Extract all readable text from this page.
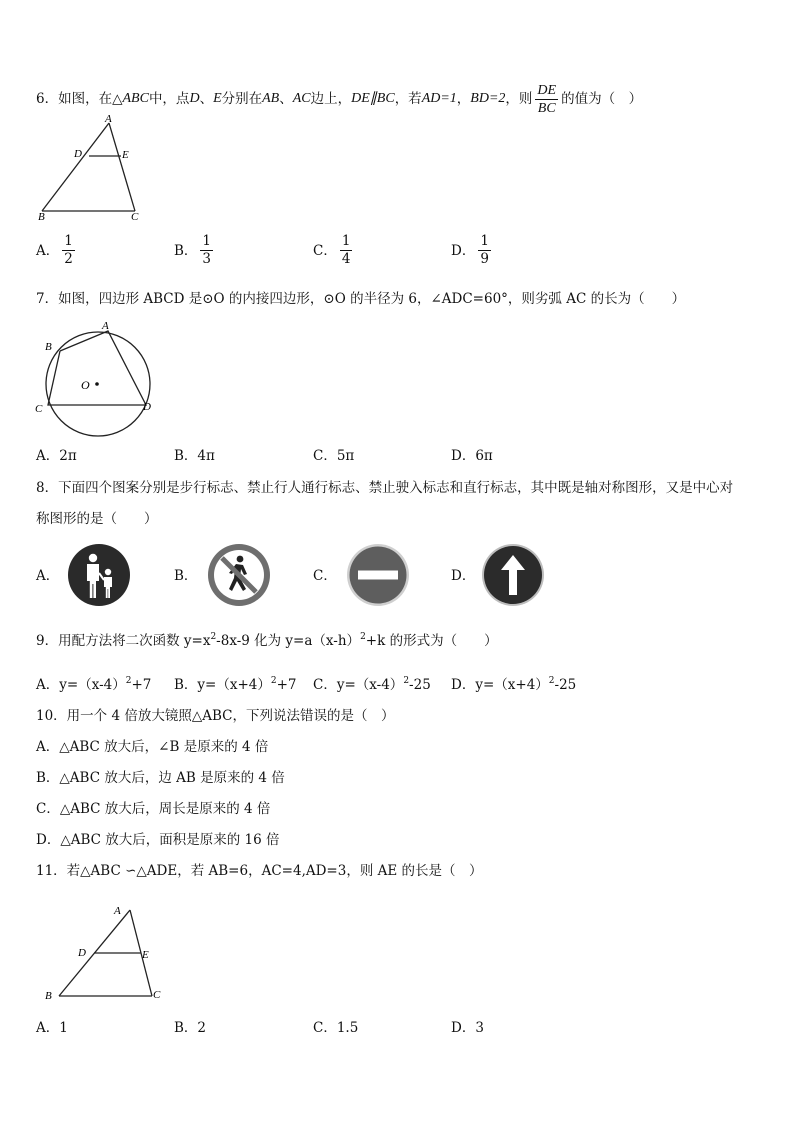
6．如图，在 △ ABC 中，点 D 、 E 分别在 AB 、 AC 边上， DE∥BC ，若 AD=1 ， BD=2 ，则 $\frac{DE}{BC}$ 的值为（　）
A
D	E
B	C
A． $\frac{1}{2}$	B． $\frac{1}{3}$	C． $\frac{1}{4}$	D． $\frac{1}{9}$
7．如图，四边形 ABCD 是⊙O 的内接四边形，⊙O 的半径为 6，∠ADC=60°，则劣弧 AC 的长为（　　）
A
B
C	D
O
A．2π	B．4π	C．5π	D．6π
8．下面四个图案分别是步行标志、禁止行人通行标志、禁止驶入标志和直行标志，其中既是轴对称图形，又是中心对
称图形的是（　　）
A．	B．	C．	D．
9．用配方法将二次函数 $y=x^2-8x-9$ 化为 $y=a(x-h)^2+k$ 的形式为（　　）
A．$y=(x-4)^2+7$ B．$y=(x+4)^2+7$ C．$y=(x-4)^2-25$ D．$y=(x+4)^2-25$
10．用一个 4 倍放大镜照△ABC，下列说法错误的是（　）
A．△ABC 放大后，∠B 是原来的 4 倍
B．△ABC 放大后，边 AB 是原来的 4 倍
C．△ABC 放大后，周长是原来的 4 倍
D．△ABC 放大后，面积是原来的 16 倍
11．若△ABC ∽△ADE，若 AB=6，AC=4,AD=3，则 AE 的长是（　）
A
D	E
B	C
A．1	B．2	C．1.5	D．3
